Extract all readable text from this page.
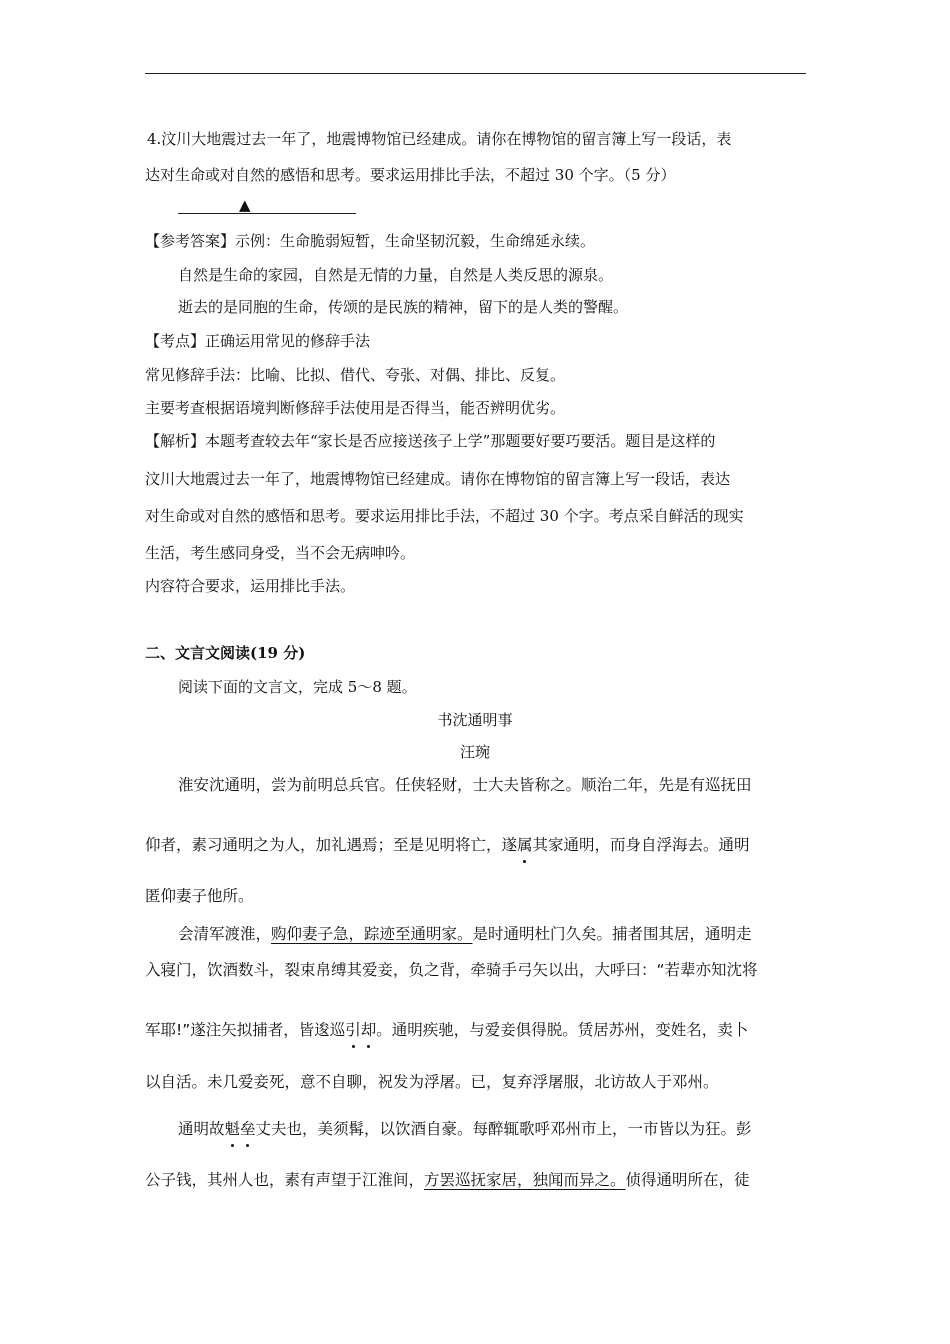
4.汶川大地震过去一年了，地震博物馆已经建成。请你在博物馆的留言簿上写一段话，表
达对生命或对自然的感悟和思考。要求运用排比手法，不超过 30 个字。（5 分）
▲
【参考答案】示例：生命脆弱短暂，生命坚韧沉毅，生命绵延永续。
自然是生命的家园，自然是无情的力量，自然是人类反思的源泉。
逝去的是同胞的生命，传颂的是民族的精神，留下的是人类的警醒。
【考点】正确运用常见的修辞手法
常见修辞手法：比喻、比拟、借代、夸张、对偶、排比、反复。
主要考查根据语境判断修辞手法使用是否得当，能否辨明优劣。
【解析】本题考查较去年“家长是否应接送孩子上学”那题要好要巧要活。题目是这样的
汶川大地震过去一年了，地震博物馆已经建成。请你在博物馆的留言簿上写一段话，表达
对生命或对自然的感悟和思考。要求运用排比手法，不超过 30 个字。考点采自鲜活的现实
生活，考生感同身受，当不会无病呻吟。
内容符合要求，运用排比手法。
二、文言文阅读(19 分)
阅读下面的文言文，完成 5～8 题。
书沈通明事
汪琬
淮安沈通明，尝为前明总兵官。任侠轻财，士大夫皆称之。顺治二年，先是有巡抚田
仰者，素习通明之为人，加礼遇焉；至是见明将亡，遂属其家通明，而身自浮海去。通明
匿仰妻子他所。
会清军渡淮，购仰妻子急，踪迹至通明家。是时通明杜门久矣。捕者围其居，通明走
入寝门，饮酒数斗，裂束帛缚其爱妾，负之背，牵骑手弓矢以出，大呼曰：“若辈亦知沈将
军耶!”遂注矢拟捕者，皆逡巡引却。通明疾驰，与爱妾俱得脱。赁居苏州，变姓名，卖卜
以自活。未几爱妾死，意不自聊，祝发为浮屠。已，复弃浮屠服，北访故人于邓州。
通明故魁垒丈夫也，美须髯，以饮酒自豪。每醉辄歌呼邓州市上，一市皆以为狂。彭
公子钱，其州人也，素有声望于江淮间，方罢巡抚家居，独闻而异之。侦得通明所在，徒
